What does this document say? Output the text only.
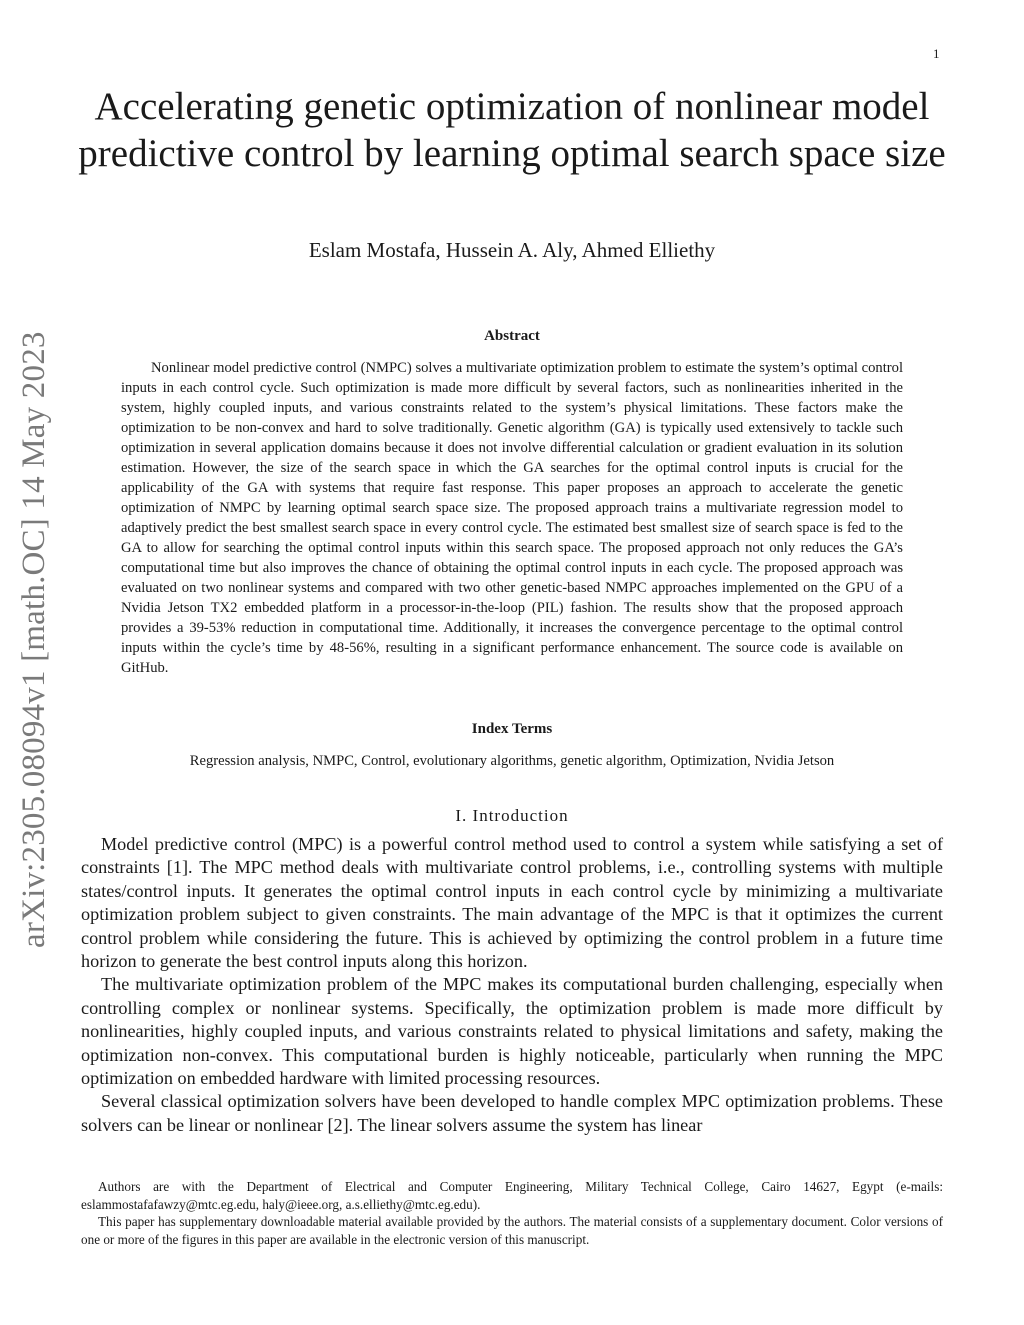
1
arXiv:2305.08094v1 [math.OC] 14 May 2023
Accelerating genetic optimization of nonlinear model predictive control by learning optimal search space size
Eslam Mostafa, Hussein A. Aly, Ahmed Elliethy
Abstract

Nonlinear model predictive control (NMPC) solves a multivariate optimization problem to estimate the system’s optimal control inputs in each control cycle. Such optimization is made more difficult by several factors, such as nonlinearities inherited in the system, highly coupled inputs, and various constraints related to the system’s physical limitations. These factors make the optimization to be non-convex and hard to solve traditionally. Genetic algorithm (GA) is typically used extensively to tackle such optimization in several application domains because it does not involve differential calculation or gradient evaluation in its solution estimation. However, the size of the search space in which the GA searches for the optimal control inputs is crucial for the applicability of the GA with systems that require fast response. This paper proposes an approach to accelerate the genetic optimization of NMPC by learning optimal search space size. The proposed approach trains a multivariate regression model to adaptively predict the best smallest search space in every control cycle. The estimated best smallest size of search space is fed to the GA to allow for searching the optimal control inputs within this search space. The proposed approach not only reduces the GA’s computational time but also improves the chance of obtaining the optimal control inputs in each cycle. The proposed approach was evaluated on two nonlinear systems and compared with two other genetic-based NMPC approaches implemented on the GPU of a Nvidia Jetson TX2 embedded platform in a processor-in-the-loop (PIL) fashion. The results show that the proposed approach provides a 39-53% reduction in computational time. Additionally, it increases the convergence percentage to the optimal control inputs within the cycle’s time by 48-56%, resulting in a significant performance enhancement. The source code is available on GitHub.

Index Terms
Regression analysis, NMPC, Control, evolutionary algorithms, genetic algorithm, Optimization, Nvidia Jetson
I. Introduction

Model predictive control (MPC) is a powerful control method used to control a system while satisfying a set of constraints [1]. The MPC method deals with multivariate control problems, i.e., controlling systems with multiple states/control inputs. It generates the optimal control inputs in each control cycle by minimizing a multivariate optimization problem subject to given constraints. The main advantage of the MPC is that it optimizes the current control problem while considering the future. This is achieved by optimizing the control problem in a future time horizon to generate the best control inputs along this horizon.

The multivariate optimization problem of the MPC makes its computational burden challenging, especially when controlling complex or nonlinear systems. Specifically, the optimization problem is made more difficult by nonlinearities, highly coupled inputs, and various constraints related to physical limitations and safety, making the optimization non-convex. This computational burden is highly noticeable, particularly when running the MPC optimization on embedded hardware with limited processing resources.

Several classical optimization solvers have been developed to handle complex MPC optimization problems. These solvers can be linear or nonlinear [2]. The linear solvers assume the system has linear

Authors are with the Department of Electrical and Computer Engineering, Military Technical College, Cairo 14627, Egypt (e-mails: eslammostafafawzy@mtc.eg.edu, haly@ieee.org, a.s.elliethy@mtc.eg.edu).

This paper has supplementary downloadable material available provided by the authors. The material consists of a supplementary document. Color versions of one or more of the figures in this paper are available in the electronic version of this manuscript.
